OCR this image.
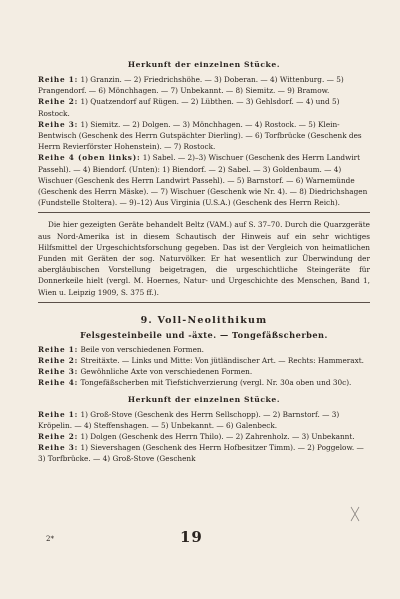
Herkunft der einzelnen Stücke.

Reihe 1: 1) Granzin. — 2) Friedrichshöhe. — 3) Doberan. — 4) Wittenburg. — 5) Prangendorf. — 6) Mönchhagen. — 7) Unbekannt. — 8) Siemitz. — 9) Bramow.

Reihe 2: 1) Quatzendorf auf Rügen. — 2) Lübthen. — 3) Gehlsdorf. — 4) und 5) Rostock.

Reihe 3: 1) Siemitz. — 2) Dolgen. — 3) Mönchhagen. — 4) Rostock. — 5) Klein-Bentwisch (Geschenk des Herrn Gutspächter Dierling). — 6) Torfbrücke (Geschenk des Herrn Revierförster Hohenstein). — 7) Rostock.

Reihe 4 (oben links): 1) Sabel. — 2)–3) Wischuer (Geschenk des Herrn Landwirt Passehl). — 4) Biendorf. (Unten): 1) Biendorf. — 2) Sabel. — 3) Goldenbaum. — 4) Wischuer (Geschenk des Herrn Landwirt Passehl). — 5) Barnstorf. — 6) Warnemünde (Geschenk des Herrn Mäske). — 7) Wischuer (Geschenk wie Nr. 4). — 8) Diedrichshagen (Fundstelle Stoltera). — 9)–12) Aus Virginia (U.S.A.) (Geschenk des Herrn Reich).

Die hier gezeigten Geräte behandelt Beltz (VAM.) auf S. 37–70. Durch die Quarzgeräte aus Nord-Amerika ist in diesem Schautisch der Hinweis auf ein sehr wichtiges Hilfsmittel der Urgeschichtsforschung gegeben. Das ist der Vergleich von heimatlichen Funden mit Geräten der sog. Naturvölker. Er hat wesentlich zur Überwindung der abergläubischen Vorstellung beigetragen, die urgeschichtliche Steingeräte für Donnerkeile hielt (vergl. M. Hoernes, Natur- und Urgeschichte des Menschen, Band 1, Wien u. Leipzig 1909, S. 375 ff.).

9. Voll-Neolithikum
Felsgesteinbeile und -äxte. — Tongefäßscherben.

Reihe 1: Beile von verschiedenen Formen.

Reihe 2: Streitäxte. — Links und Mitte: Von jütländischer Art. — Rechts: Hammeraxt.

Reihe 3: Gewöhnliche Axte von verschiedenen Formen.

Reihe 4: Tongefäßscherben mit Tiefstichverzierung (vergl. Nr. 30a oben und 30c).

Herkunft der einzelnen Stücke.

Reihe 1: 1) Groß-Stove (Geschenk des Herrn Sellschopp). — 2) Barnstorf. — 3) Kröpelin. — 4) Steffenshagen. — 5) Unbekannt. — 6) Galenbeck.

Reihe 2: 1) Dolgen (Geschenk des Herrn Thilo). — 2) Zahrenholz. — 3) Unbekannt.

Reihe 3: 1) Sievershagen (Geschenk des Herrn Hofbesitzer Timm). — 2) Poggelow. — 3) Torfbrücke. — 4) Groß-Stove (Geschenk

2*	19
